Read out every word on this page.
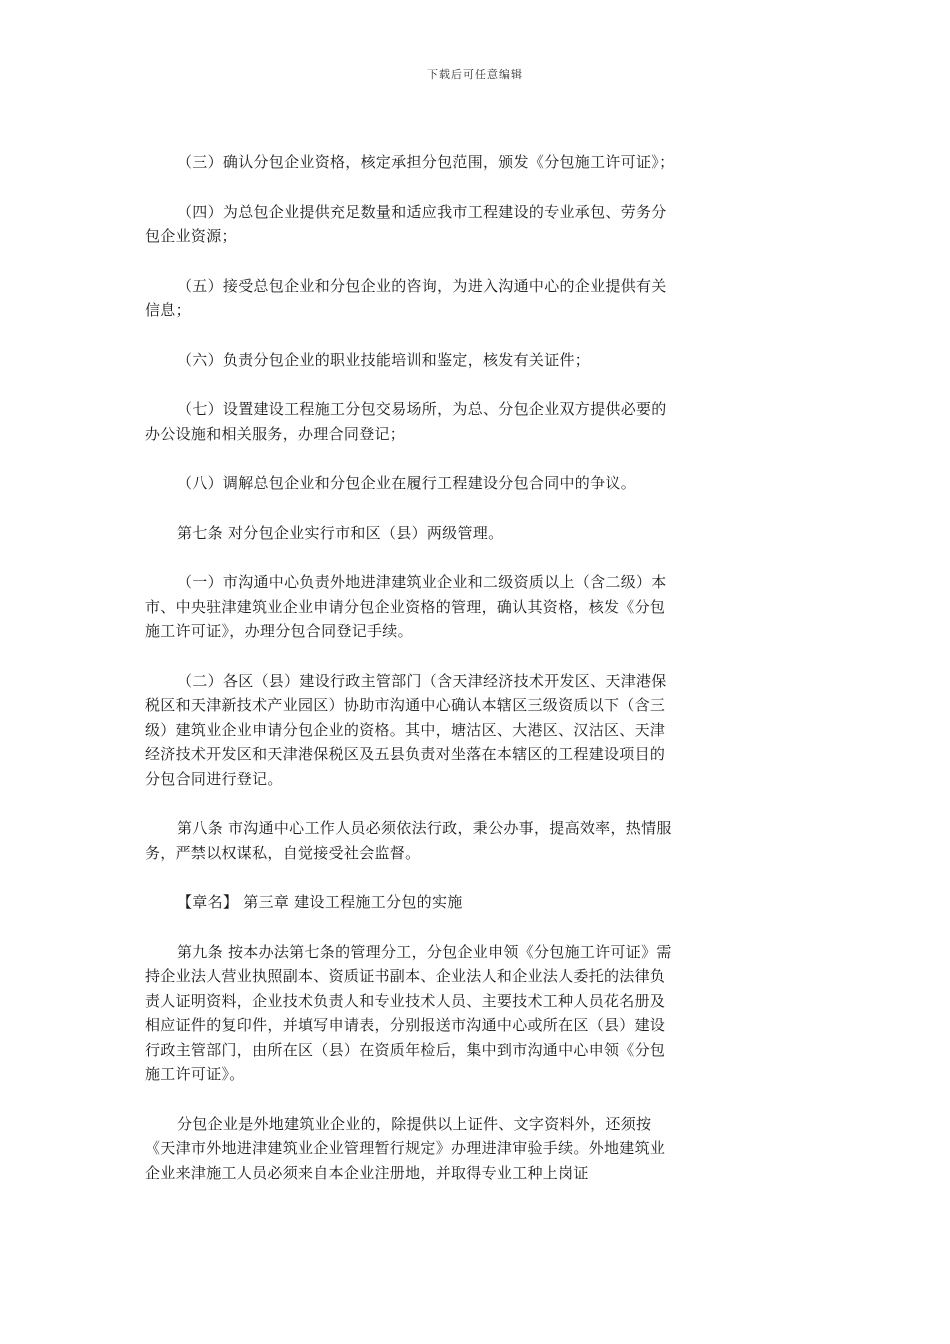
下载后可任意编辑

（三）确认分包企业资格，核定承担分包范围，颁发《分包施工许可证》；

（四）为总包企业提供充足数量和适应我市工程建设的专业承包、劳务分包企业资源；

（五）接受总包企业和分包企业的咨询，为进入沟通中心的企业提供有关信息；

（六）负责分包企业的职业技能培训和鉴定，核发有关证件；

（七）设置建设工程施工分包交易场所，为总、分包企业双方提供必要的办公设施和相关服务，办理合同登记；

（八）调解总包企业和分包企业在履行工程建设分包合同中的争议。

第七条 对分包企业实行市和区（县）两级管理。

（一）市沟通中心负责外地进津建筑业企业和二级资质以上（含二级）本市、中央驻津建筑业企业申请分包企业资格的管理，确认其资格，核发《分包施工许可证》，办理分包合同登记手续。

（二）各区（县）建设行政主管部门（含天津经济技术开发区、天津港保税区和天津新技术产业园区）协助市沟通中心确认本辖区三级资质以下（含三级）建筑业企业申请分包企业的资格。其中，塘沽区、大港区、汉沽区、天津经济技术开发区和天津港保税区及五县负责对坐落在本辖区的工程建设项目的分包合同进行登记。

第八条 市沟通中心工作人员必须依法行政，秉公办事，提高效率，热情服务，严禁以权谋私，自觉接受社会监督。

【章名】 第三章 建设工程施工分包的实施

第九条 按本办法第七条的管理分工，分包企业申领《分包施工许可证》需持企业法人营业执照副本、资质证书副本、企业法人和企业法人委托的法律负责人证明资料，企业技术负责人和专业技术人员、主要技术工种人员花名册及相应证件的复印件，并填写申请表，分别报送市沟通中心或所在区（县）建设行政主管部门，由所在区（县）在资质年检后，集中到市沟通中心申领《分包施工许可证》。

分包企业是外地建筑业企业的，除提供以上证件、文字资料外，还须按《天津市外地进津建筑业企业管理暂行规定》办理进津审验手续。外地建筑业企业来津施工人员必须来自本企业注册地，并取得专业工种上岗证
